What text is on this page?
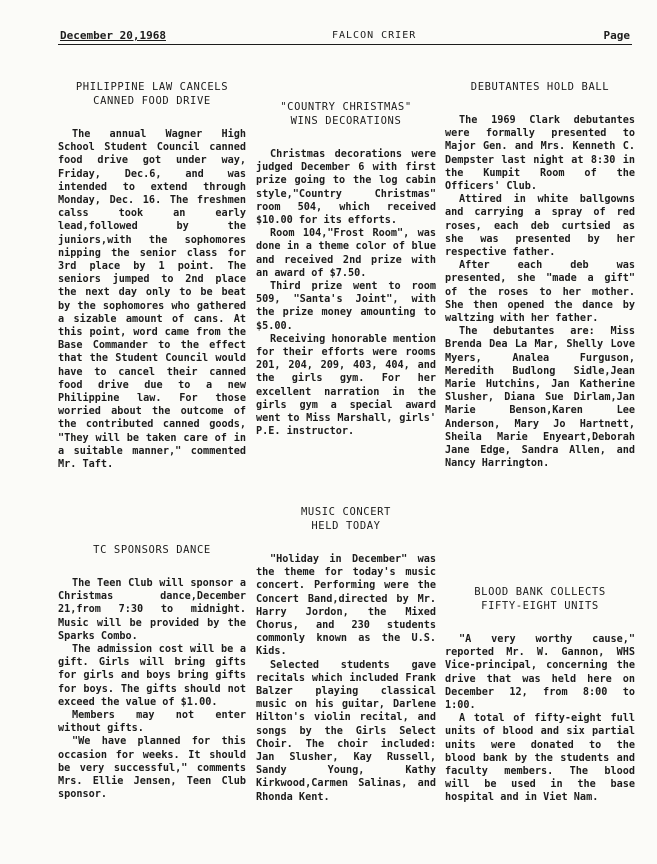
December 20,1968	FALCON CRIER	Page
PHILIPPINE LAW CANCELS
CANNED FOOD DRIVE

The annual Wagner High School Student Council canned food drive got under way, Friday, Dec.6, and was intended to extend through Monday, Dec. 16. The freshmen calss took an early lead,followed by the juniors,with the sophomores nipping the senior class for 3rd place by 1 point. The seniors jumped to 2nd place the next day only to be beat by the sophomores who gathered a sizable amount of cans. At this point, word came from the Base Commander to the effect that the Student Council would have to cancel their canned food drive due to a new Philippine law. For those worried about the outcome of the contributed canned goods, "They will be taken care of in a suitable manner," commented Mr. Taft.

TC SPONSORS DANCE

The Teen Club will sponsor a Christmas dance,December 21,from 7:30 to midnight. Music will be provided by the Sparks Combo.

The admission cost will be a gift. Girls will bring gifts for girls and boys bring gifts for boys. The gifts should not exceed the value of $1.00.

Members may not enter without gifts.

"We have planned for this occasion for weeks. It should be very successful," comments Mrs. Ellie Jensen, Teen Club sponsor.

"COUNTRY CHRISTMAS"
WINS DECORATIONS

Christmas decorations were judged December 6 with first prize going to the log cabin style,"Country Christmas" room 504, which received $10.00 for its efforts.

Room 104,"Frost Room", was done in a theme color of blue and received 2nd prize with an award of $7.50.

Third prize went to room 509, "Santa's Joint", with the prize money amounting to $5.00.

Receiving honorable mention for their efforts were rooms 201, 204, 209, 403, 404, and the girls gym. For her excellent narration in the girls gym a special award went to Miss Marshall, girls' P.E. instructor.

MUSIC CONCERT
HELD TODAY

"Holiday in December" was the theme for today's music concert. Performing were the Concert Band,directed by Mr. Harry Jordon, the Mixed Chorus, and 230 students commonly known as the U.S. Kids.

Selected students gave recitals which included Frank Balzer playing classical music on his guitar, Darlene Hilton's violin recital, and songs by the Girls Select Choir. The choir included: Jan Slusher, Kay Russell, Sandy Young, Kathy Kirkwood,Carmen Salinas, and Rhonda Kent.

DEBUTANTES HOLD BALL

The 1969 Clark debutantes were formally presented to Major Gen. and Mrs. Kenneth C. Dempster last night at 8:30 in the Kumpit Room of the Officers' Club.

Attired in white ballgowns and carrying a spray of red roses, each deb curtsied as she was presented by her respective father.

After each deb was presented, she "made a gift" of the roses to her mother. She then opened the dance by waltzing with her father.

The debutantes are: Miss Brenda Dea La Mar, Shelly Love Myers, Analea Furguson, Meredith Budlong Sidle,Jean Marie Hutchins, Jan Katherine Slusher, Diana Sue Dirlam,Jan Marie Benson,Karen Lee Anderson, Mary Jo Hartnett, Sheila Marie Enyeart,Deborah Jane Edge, Sandra Allen, and Nancy Harrington.

BLOOD BANK COLLECTS
FIFTY-EIGHT UNITS

"A very worthy cause," reported Mr. W. Gannon, WHS Vice-principal, concerning the drive that was held here on December 12, from 8:00 to 1:00.

A total of fifty-eight full units of blood and six partial units were donated to the blood bank by the students and faculty members. The blood will be used in the base hospital and in Viet Nam.
